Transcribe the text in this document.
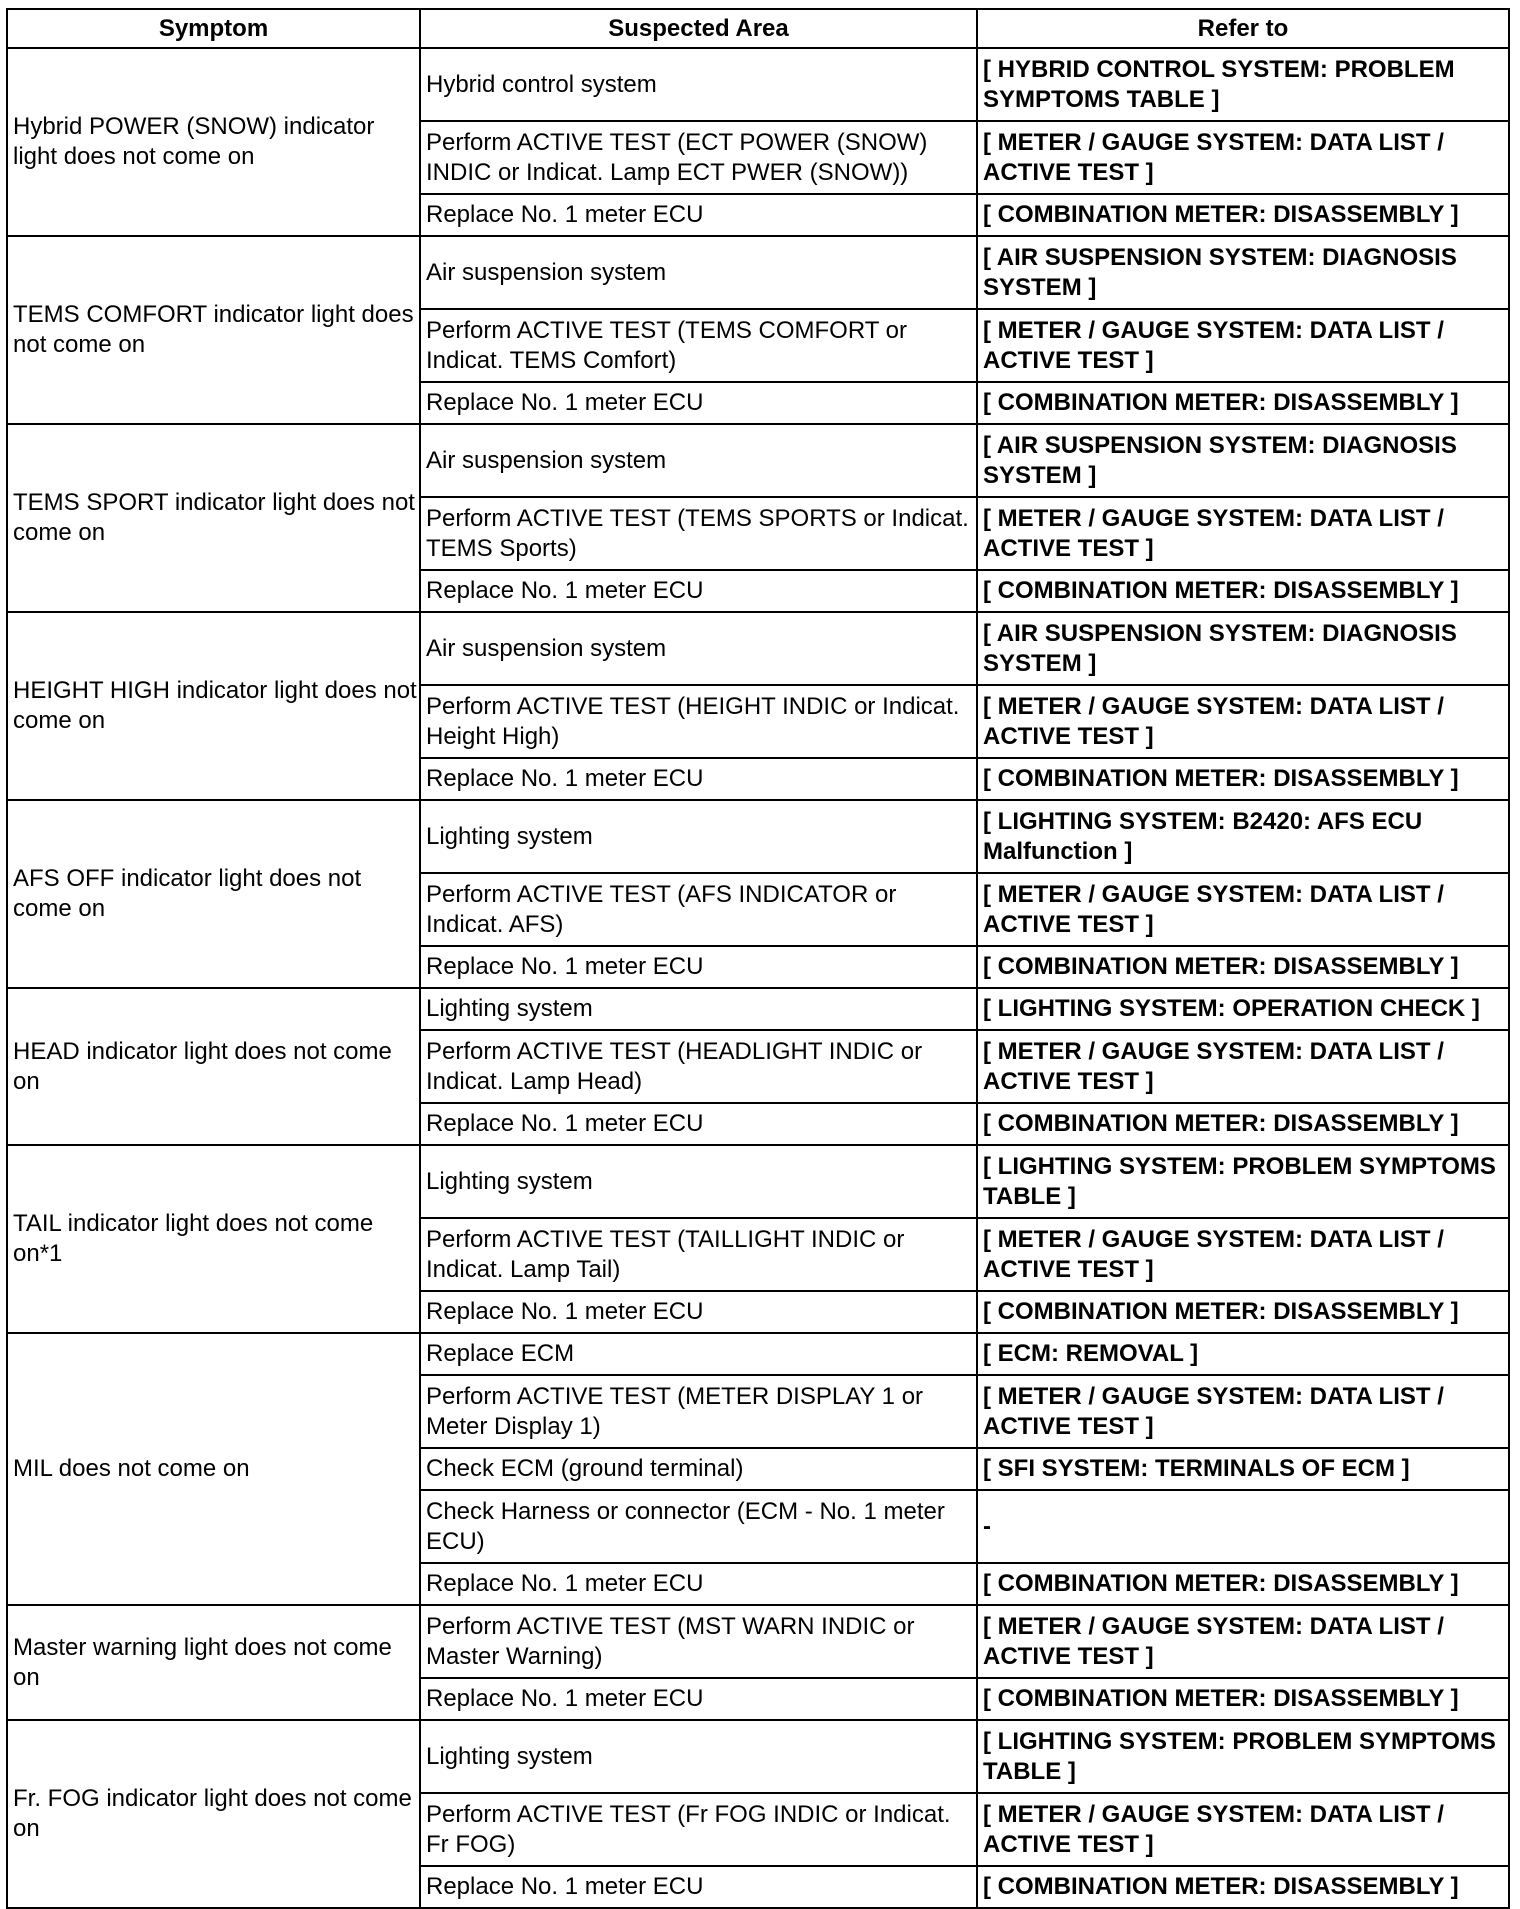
Symptom	Suspected Area	Refer to
Hybrid POWER (SNOW) indicator light does not come on	Hybrid control system	[ HYBRID CONTROL SYSTEM: PROBLEM SYMPTOMS TABLE ]
	Perform ACTIVE TEST (ECT POWER (SNOW) INDIC or Indicat. Lamp ECT PWER (SNOW))	[ METER / GAUGE SYSTEM: DATA LIST / ACTIVE TEST ]
	Replace No. 1 meter ECU	[ COMBINATION METER: DISASSEMBLY ]
TEMS COMFORT indicator light does not come on	Air suspension system	[ AIR SUSPENSION SYSTEM: DIAGNOSIS SYSTEM ]
	Perform ACTIVE TEST (TEMS COMFORT or Indicat. TEMS Comfort)	[ METER / GAUGE SYSTEM: DATA LIST / ACTIVE TEST ]
	Replace No. 1 meter ECU	[ COMBINATION METER: DISASSEMBLY ]
TEMS SPORT indicator light does not come on	Air suspension system	[ AIR SUSPENSION SYSTEM: DIAGNOSIS SYSTEM ]
	Perform ACTIVE TEST (TEMS SPORTS or Indicat. TEMS Sports)	[ METER / GAUGE SYSTEM: DATA LIST / ACTIVE TEST ]
	Replace No. 1 meter ECU	[ COMBINATION METER: DISASSEMBLY ]
HEIGHT HIGH indicator light does not come on	Air suspension system	[ AIR SUSPENSION SYSTEM: DIAGNOSIS SYSTEM ]
	Perform ACTIVE TEST (HEIGHT INDIC or Indicat. Height High)	[ METER / GAUGE SYSTEM: DATA LIST / ACTIVE TEST ]
	Replace No. 1 meter ECU	[ COMBINATION METER: DISASSEMBLY ]
AFS OFF indicator light does not come on	Lighting system	[ LIGHTING SYSTEM: B2420: AFS ECU Malfunction ]
	Perform ACTIVE TEST (AFS INDICATOR or Indicat. AFS)	[ METER / GAUGE SYSTEM: DATA LIST / ACTIVE TEST ]
	Replace No. 1 meter ECU	[ COMBINATION METER: DISASSEMBLY ]
HEAD indicator light does not come on	Lighting system	[ LIGHTING SYSTEM: OPERATION CHECK ]
	Perform ACTIVE TEST (HEADLIGHT INDIC or Indicat. Lamp Head)	[ METER / GAUGE SYSTEM: DATA LIST / ACTIVE TEST ]
	Replace No. 1 meter ECU	[ COMBINATION METER: DISASSEMBLY ]
TAIL indicator light does not come on*1	Lighting system	[ LIGHTING SYSTEM: PROBLEM SYMPTOMS TABLE ]
	Perform ACTIVE TEST (TAILLIGHT INDIC or Indicat. Lamp Tail)	[ METER / GAUGE SYSTEM: DATA LIST / ACTIVE TEST ]
	Replace No. 1 meter ECU	[ COMBINATION METER: DISASSEMBLY ]
MIL does not come on	Replace ECM	[ ECM: REMOVAL ]
	Perform ACTIVE TEST (METER DISPLAY 1 or Meter Display 1)	[ METER / GAUGE SYSTEM: DATA LIST / ACTIVE TEST ]
	Check ECM (ground terminal)	[ SFI SYSTEM: TERMINALS OF ECM ]
	Check Harness or connector (ECM - No. 1 meter ECU)	-
	Replace No. 1 meter ECU	[ COMBINATION METER: DISASSEMBLY ]
Master warning light does not come on	Perform ACTIVE TEST (MST WARN INDIC or Master Warning)	[ METER / GAUGE SYSTEM: DATA LIST / ACTIVE TEST ]
	Replace No. 1 meter ECU	[ COMBINATION METER: DISASSEMBLY ]
Fr. FOG indicator light does not come on	Lighting system	[ LIGHTING SYSTEM: PROBLEM SYMPTOMS TABLE ]
	Perform ACTIVE TEST (Fr FOG INDIC or Indicat. Fr FOG)	[ METER / GAUGE SYSTEM: DATA LIST / ACTIVE TEST ]
	Replace No. 1 meter ECU	[ COMBINATION METER: DISASSEMBLY ]
